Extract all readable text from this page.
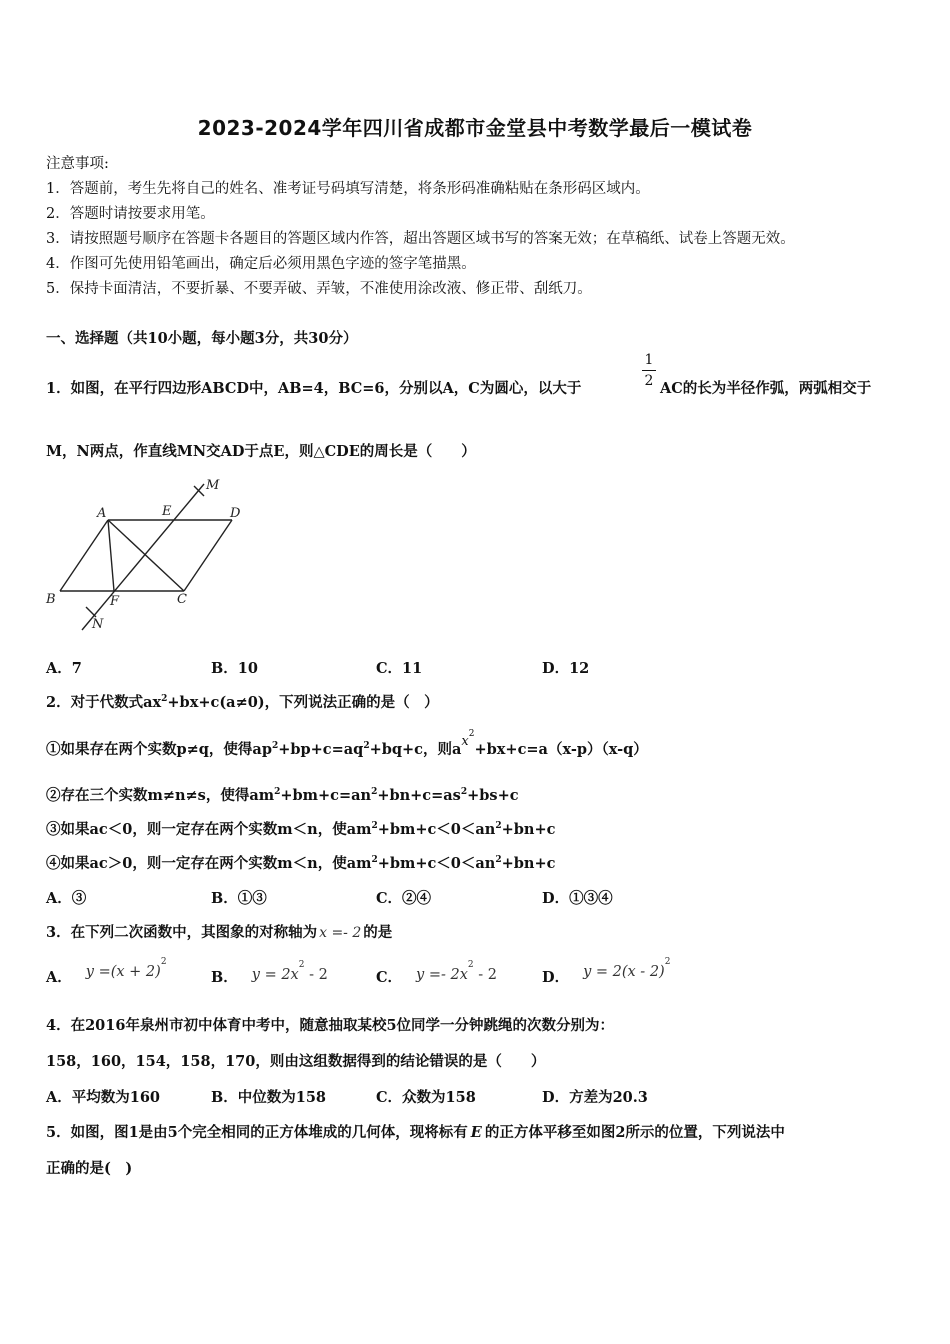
2023-2024学年四川省成都市金堂县中考数学最后一模试卷
注意事项:
1．答题前，考生先将自己的姓名、准考证号码填写清楚，将条形码准确粘贴在条形码区域内。
2．答题时请按要求用笔。
3．请按照题号顺序在答题卡各题目的答题区域内作答，超出答题区域书写的答案无效；在草稿纸、试卷上答题无效。
4．作图可先使用铅笔画出，确定后必须用黑色字迹的签字笔描黑。
5．保持卡面清洁，不要折暴、不要弄破、弄皱，不准使用涂改液、修正带、刮纸刀。
一、选择题（共10小题，每小题3分，共30分）
1．如图，在平行四边形ABCD中，AB=4，BC=6，分别以A，C为圆心，以大于
1
2 AC的长为半径作弧，两弧相交于
M，N两点，作直线MN交AD于点E，则△CDE的周长是（　　）
A	E	D
M
B	F	C
N
A．7	B．10	C．11	D．12
2．对于代数式$ax^2+bx+c(a\ne 0)$，下列说法正确的是（　）
①如果存在两个实数p≠q，使得$ap^2+bp+c=aq^2+bq+c$，则$ax^2+bx+c=a(x-p)(x-q)$
②存在三个实数m≠n≠s，使得$am^2+bm+c=an^2+bn+c=as^2+bs+c$
③如果ac＜0，则一定存在两个实数m＜n，使$am^2+bm+c<0<an^2+bn+c$
④如果ac＞0，则一定存在两个实数m＜n，使$am^2+bm+c<0<an^2+bn+c$
A．③	B．①③	C．②④	D．①③④
3．在下列二次函数中，其图象的对称轴为 x =- 2 的是
A． $y =(x + 2)^2$
B． $y = 2x^2 - 2$	C． $y =- 2x^2 - 2$	D． y = 2(x - 2)$^2$
4．在2016年泉州市初中体育中考中，随意抽取某校5位同学一分钟跳绳的次数分别为：
158，160，154，158，170，则由这组数据得到的结论错误的是（　　）
A．平均数为160	B．中位数为158	C．众数为158	D．方差为20.3
5．如图，图1是由5个完全相同的正方体堆成的几何体，现将标有 E 的正方体平移至如图2所示的位置，下列说法中
正确的是(　)
